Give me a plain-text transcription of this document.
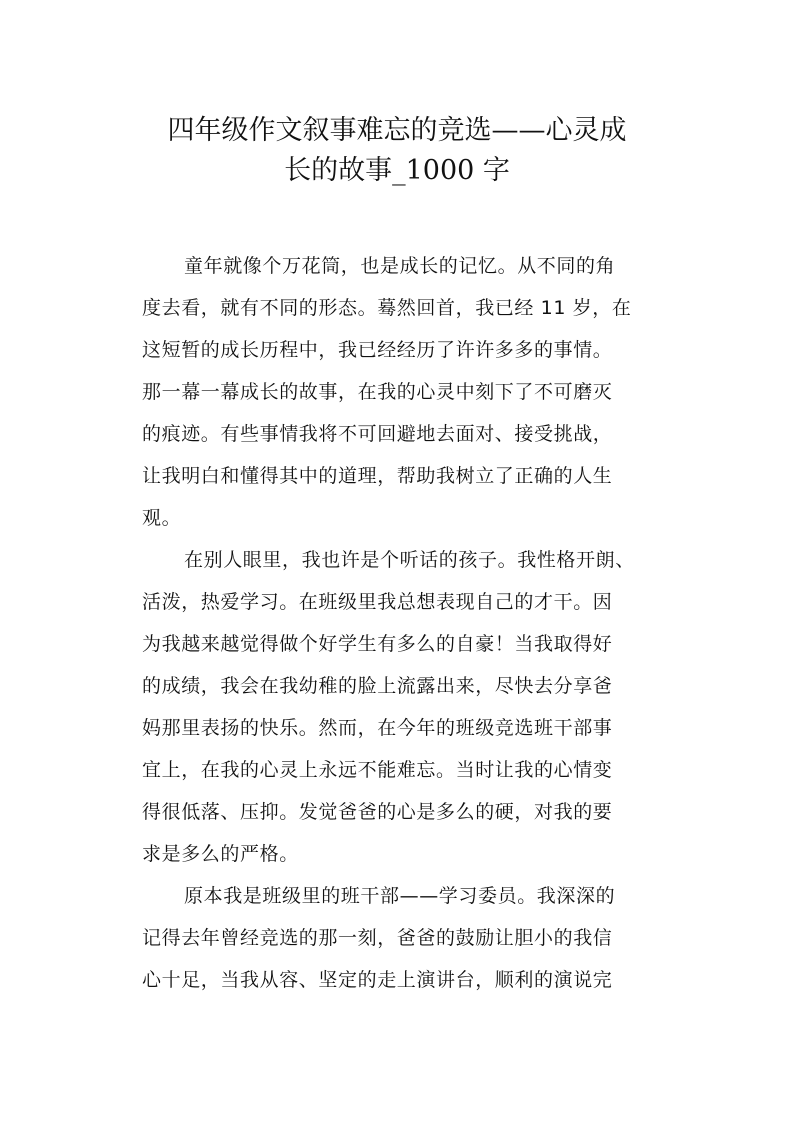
四年级作文叙事难忘的竞选——心灵成
长的故事_1000 字
童年就像个万花筒，也是成长的记忆。从不同的角
度去看，就有不同的形态。蓦然回首，我已经 11 岁，在
这短暂的成长历程中，我已经经历了许许多多的事情。
那一幕一幕成长的故事，在我的心灵中刻下了不可磨灭
的痕迹。有些事情我将不可回避地去面对、接受挑战，
让我明白和懂得其中的道理，帮助我树立了正确的人生
观。
在别人眼里，我也许是个听话的孩子。我性格开朗、
活泼，热爱学习。在班级里我总想表现自己的才干。因
为我越来越觉得做个好学生有多么的自豪！当我取得好
的成绩，我会在我幼稚的脸上流露出来，尽快去分享爸
妈那里表扬的快乐。然而，在今年的班级竞选班干部事
宜上，在我的心灵上永远不能难忘。当时让我的心情变
得很低落、压抑。发觉爸爸的心是多么的硬，对我的要
求是多么的严格。
原本我是班级里的班干部——学习委员。我深深的
记得去年曾经竞选的那一刻，爸爸的鼓励让胆小的我信
心十足，当我从容、坚定的走上演讲台，顺利的演说完
